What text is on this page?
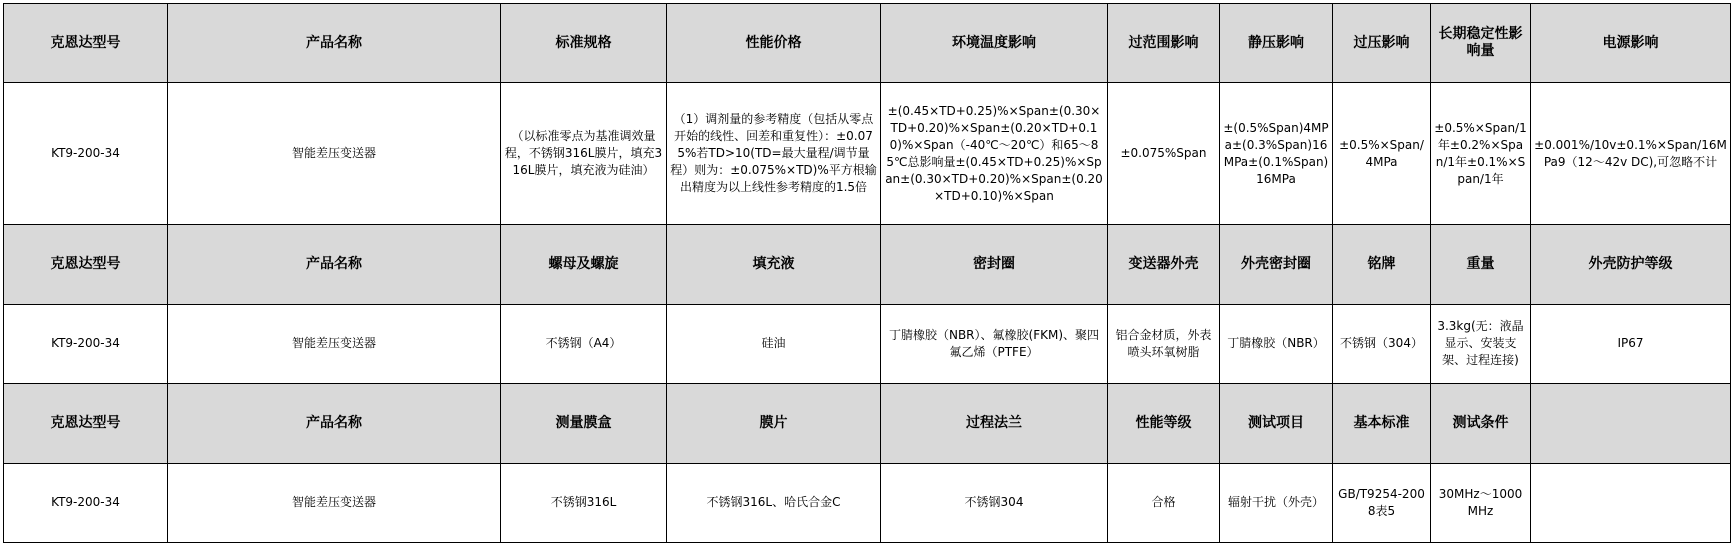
克恩达型号	产品名称	标准规格	性能价格	环境温度影响	过范围影响	静压影响	过压影响	长期稳定性影响量	电源影响
KT9-200-34	智能差压变送器	（以标准零点为基准调效量程，不锈钢316L膜片，填充316L膜片，填充液为硅油）	（1）调剂量的参考精度（包括从零点开始的线性、回差和重复性）：±0.075%若TD>10(TD=最大量程/调节量程）则为：±0.075%×TD)%平方根输出精度为以上线性参考精度的1.5倍	±(0.45×TD+0.25)%×Span±(0.30×TD+0.20)%×Span±(0.20×TD+0.10)%×Span（-40℃～20℃）和65～85℃总影响量±(0.45×TD+0.25)%×Span±(0.30×TD+0.20)%×Span±(0.20×TD+0.10)%×Span	±0.075%Span	±(0.5%Span)4MPa±(0.3%Span)16MPa±(0.1%Span)16MPa	±0.5%×Span/4MPa	±0.5%×Span/1年±0.2%×Span/1年±0.1%×Span/1年	±0.001%/10v±0.1%×Span/16MPa9（12～42v DC),可忽略不计
克恩达型号	产品名称	螺母及螺旋	填充液	密封圈	变送器外壳	外壳密封圈	铭牌	重量	外壳防护等级
KT9-200-34	智能差压变送器	不锈钢（A4）	硅油	丁腈橡胶（NBR）、氟橡胶(FKM)、聚四氟乙烯（PTFE）	铝合金材质，外表喷头环氧树脂	丁腈橡胶（NBR）	不锈钢（304）	3.3kg(无：液晶显示、安装支架、过程连接)	IP67
克恩达型号	产品名称	测量膜盒	膜片	过程法兰	性能等级	测试项目	基本标准	测试条件	
KT9-200-34	智能差压变送器	不锈钢316L	不锈钢316L、哈氏合金C	不锈钢304	合格	辐射干扰（外壳）	GB/T9254-2008表5	30MHz～1000MHz	
